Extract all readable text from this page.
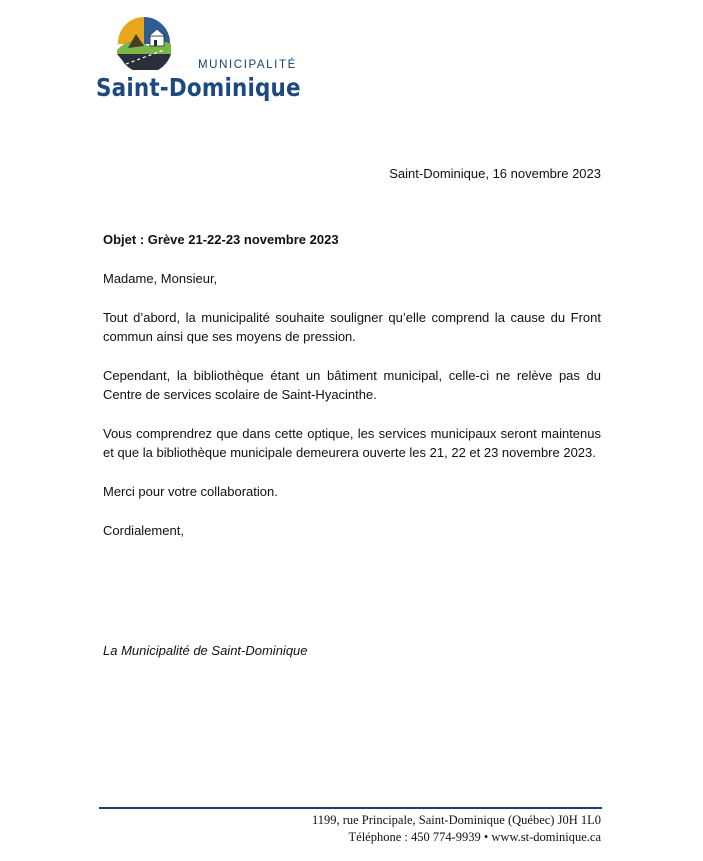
MUNICIPALITÉ
Saint-Dominique
Saint-Dominique, 16 novembre 2023

Objet : Grève 21-22-23 novembre 2023

Madame, Monsieur,

Tout d’abord, la municipalité souhaite souligner qu’elle comprend la cause du Front commun ainsi que ses moyens de pression.

Cependant, la bibliothèque étant un bâtiment municipal, celle-ci ne relève pas du Centre de services scolaire de Saint-Hyacinthe.

Vous comprendrez que dans cette optique, les services municipaux seront maintenus et que la bibliothèque municipale demeurera ouverte les 21, 22 et 23 novembre 2023.

Merci pour votre collaboration.

Cordialement,

La Municipalité de Saint-Dominique
1199, rue Principale, Saint-Dominique (Québec) J0H 1L0
Téléphone : 450 774-9939 • www.st-dominique.ca
